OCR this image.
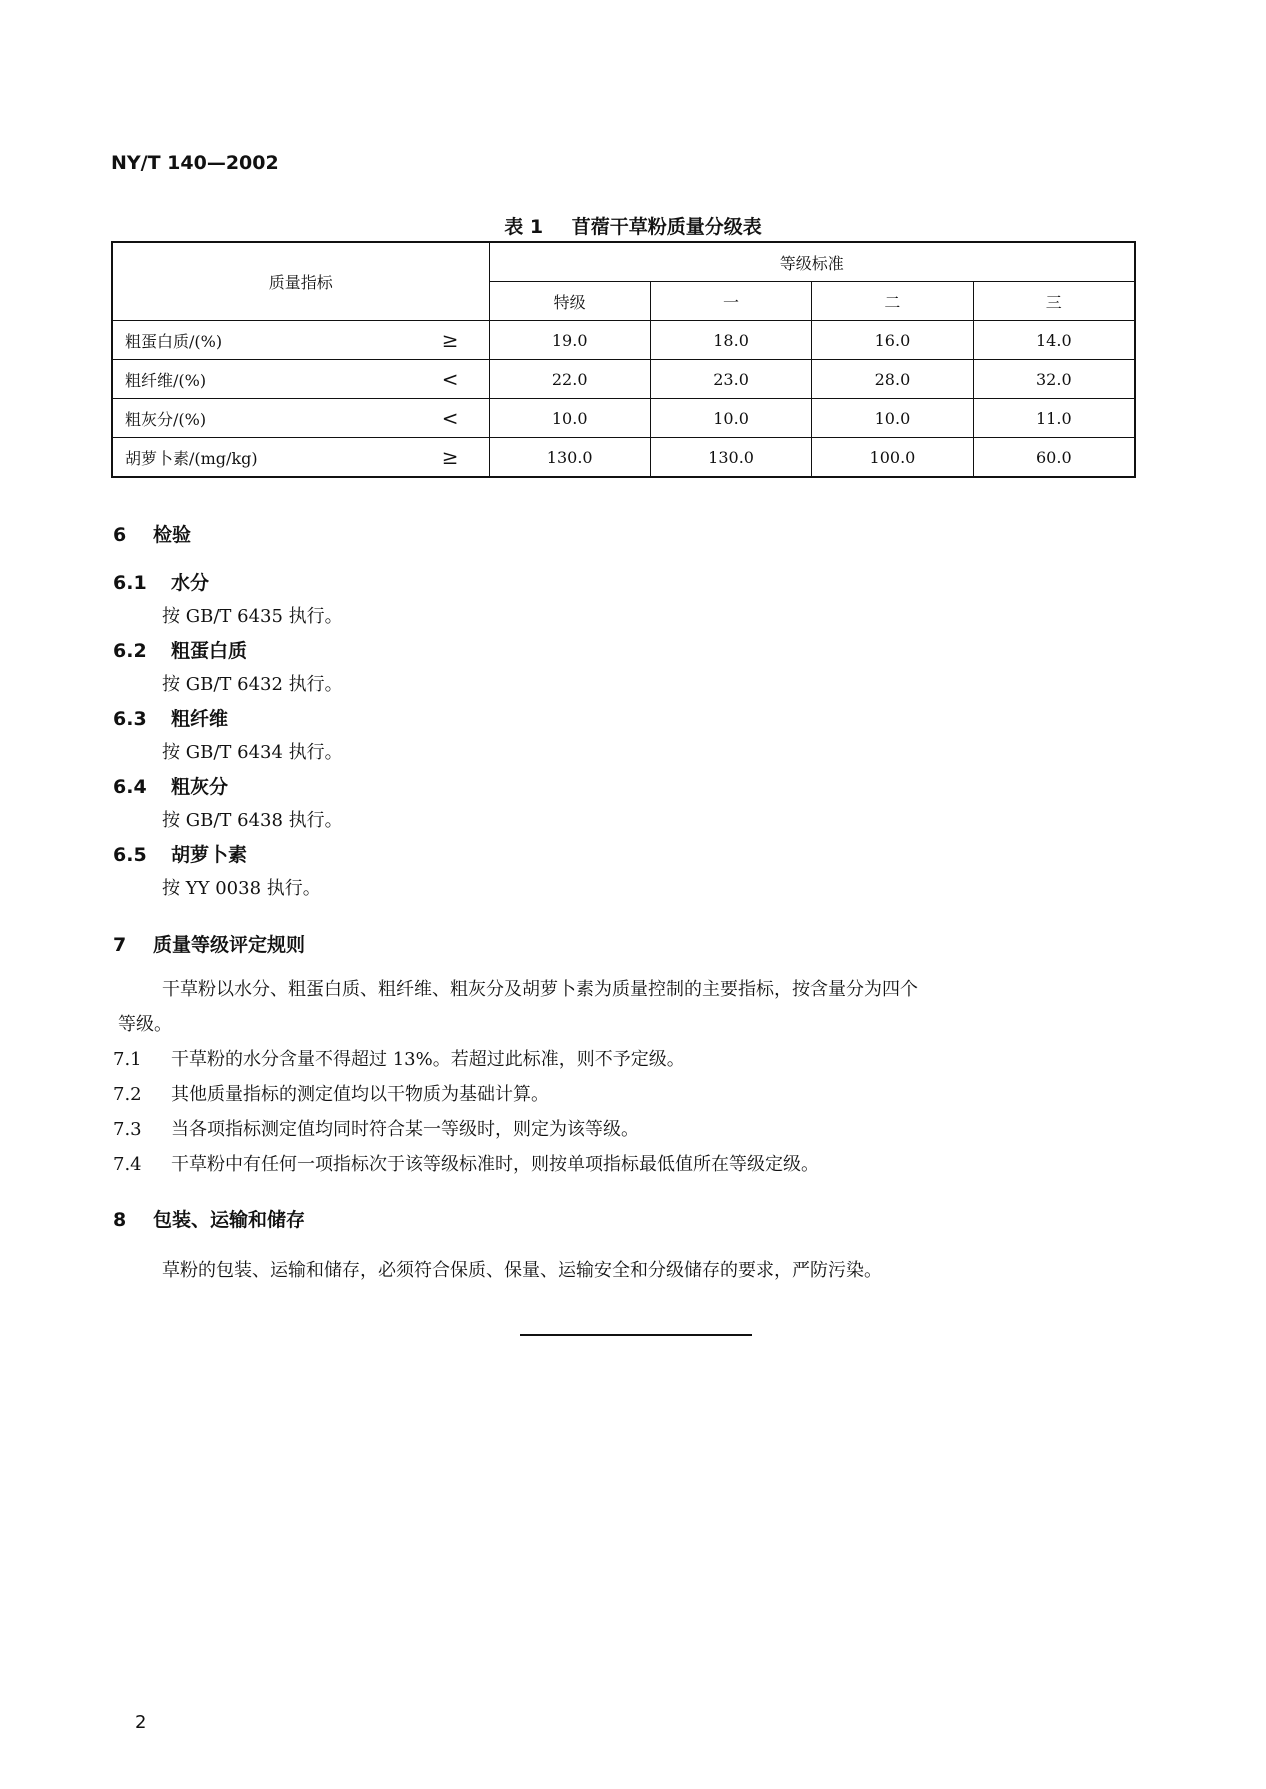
NY/T 140—2002
表 1 苜蓿干草粉质量分级表
质量指标	等级标准			
	特级	一	二	三
粗蛋白质/(%) ≥	19.0	18.0	16.0	14.0
粗纤维/(%) <	22.0	23.0	28.0	32.0
粗灰分/(%) <	10.0	10.0	10.0	11.0
胡萝卜素/(mg/kg) ≥	130.0	130.0	100.0	60.0
6 检验
6.1 水分
按 GB/T 6435 执行。
6.2 粗蛋白质
按 GB/T 6432 执行。
6.3 粗纤维
按 GB/T 6434 执行。
6.4 粗灰分
按 GB/T 6438 执行。
6.5 胡萝卜素
按 YY 0038 执行。
7 质量等级评定规则
干草粉以水分、粗蛋白质、粗纤维、粗灰分及胡萝卜素为质量控制的主要指标，按含量分为四个
等级。
7.1 干草粉的水分含量不得超过 13%。若超过此标准，则不予定级。
7.2 其他质量指标的测定值均以干物质为基础计算。
7.3 当各项指标测定值均同时符合某一等级时，则定为该等级。
7.4 干草粉中有任何一项指标次于该等级标准时，则按单项指标最低值所在等级定级。
8 包装、运输和储存
草粉的包装、运输和储存，必须符合保质、保量、运输安全和分级储存的要求，严防污染。
2
